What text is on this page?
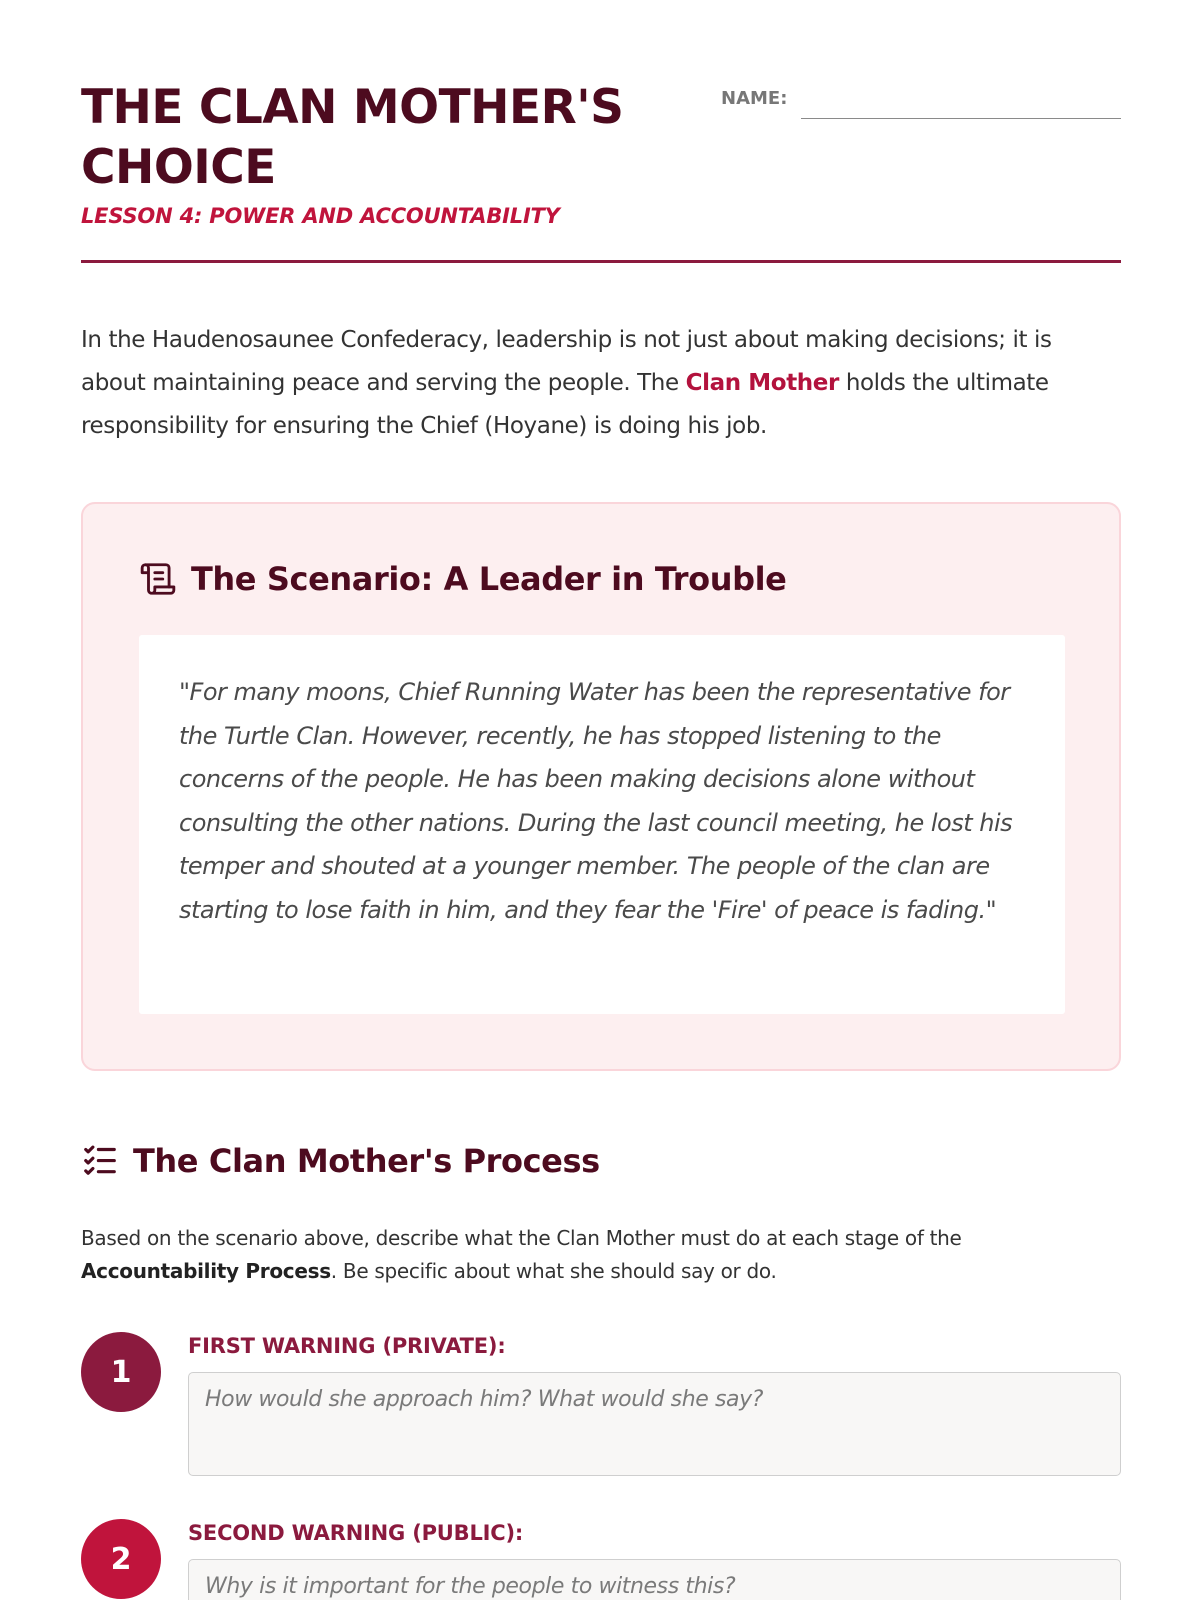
THE CLAN MOTHER'S CHOICE
LESSON 4: POWER AND ACCOUNTABILITY
NAME:

In the Haudenosaunee Confederacy, leadership is not just about making decisions; it is about maintaining peace and serving the people. The Clan Mother holds the ultimate responsibility for ensuring the Chief (Hoyane) is doing his job.

The Scenario: A Leader in Trouble

"For many moons, Chief Running Water has been the representative for the Turtle Clan. However, recently, he has stopped listening to the concerns of the people. He has been making decisions alone without consulting the other nations. During the last council meeting, he lost his temper and shouted at a younger member. The people of the clan are starting to lose faith in him, and they fear the 'Fire' of peace is fading."

The Clan Mother's Process

Based on the scenario above, describe what the Clan Mother must do at each stage of the Accountability Process. Be specific about what she should say or do.

1
FIRST WARNING (PRIVATE):
How would she approach him? What would she say?
2
SECOND WARNING (PUBLIC):
Why is it important for the people to witness this?
